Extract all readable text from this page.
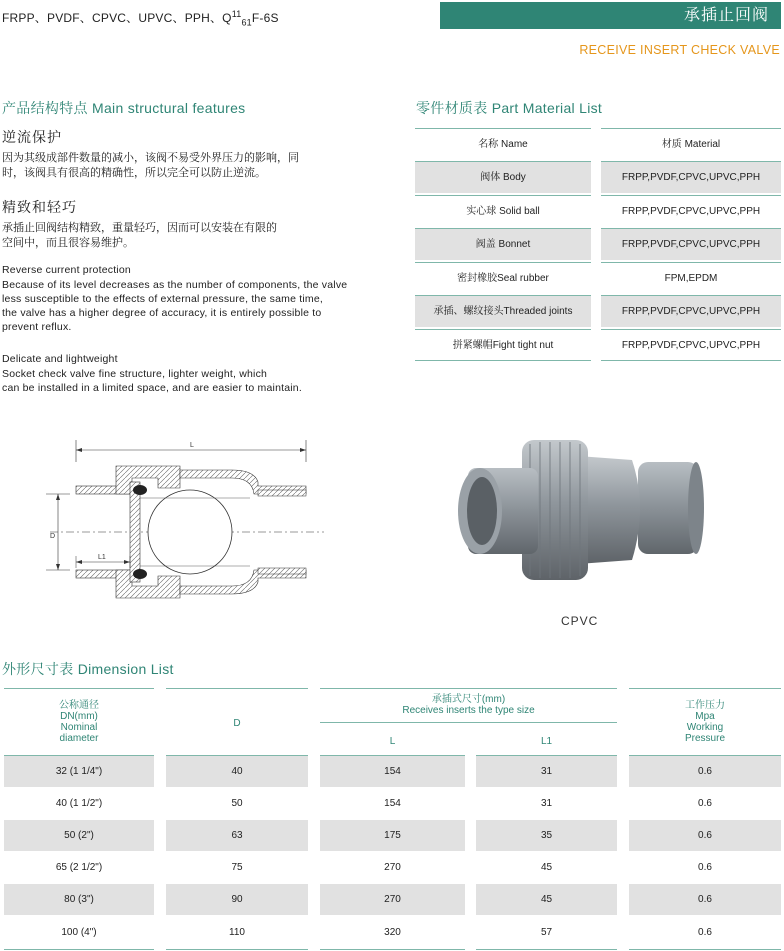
FRPP、PVDF、CPVC、UPVC、PPH、$Q^{11}_{61}F-6S$	承插止回阀
RECEIVE INSERT CHECK VALVE
产品结构特点 Main structural features
逆流保护
因为其级成部件数量的减小，该阀不易受外界压力的影响，同
时，该阀具有很高的精确性，所以完全可以防止逆流。
精致和轻巧
承插止回阀结构精致，重量轻巧，因而可以安装在有限的
空间中，而且很容易维护。
Reverse current protection
Because of its level decreases as the number of components, the valve
less susceptible to the effects of external pressure, the same time,
the valve has a higher degree of accuracy, it is entirely possible to
prevent reflux.
Delicate and lightweight
Socket check valve fine structure, lighter weight, which
can be installed in a limited space, and are easier to maintain.
零件材质表 Part Material List
名称 Name	材质 Material
阀体 Body	FRPP,PVDF,CPVC,UPVC,PPH
实心球 Solid ball	FRPP,PVDF,CPVC,UPVC,PPH
阀盖 Bonnet	FRPP,PVDF,CPVC,UPVC,PPH
密封橡胶Seal rubber	FPM,EPDM
承插、螺纹接头Threaded joints	FRPP,PVDF,CPVC,UPVC,PPH
拼紧螺帽Fight tight nut	FRPP,PVDF,CPVC,UPVC,PPH
L
D
L1
CPVC
外形尺寸表 Dimension List
公称通径
DN(mm)
Nominal
diameter
D
承插式尺寸(mm)
Receives inserts the type size
L	L1
工作压力
Mpa
Working
Pressure
32 (1 1/4")	40	154	31	0.6
40 (1 1/2")	50	154	31	0.6
50 (2")	63	175	35	0.6
65 (2 1/2")	75	270	45	0.6
80 (3")	90	270	45	0.6
100 (4")	110	320	57	0.6
